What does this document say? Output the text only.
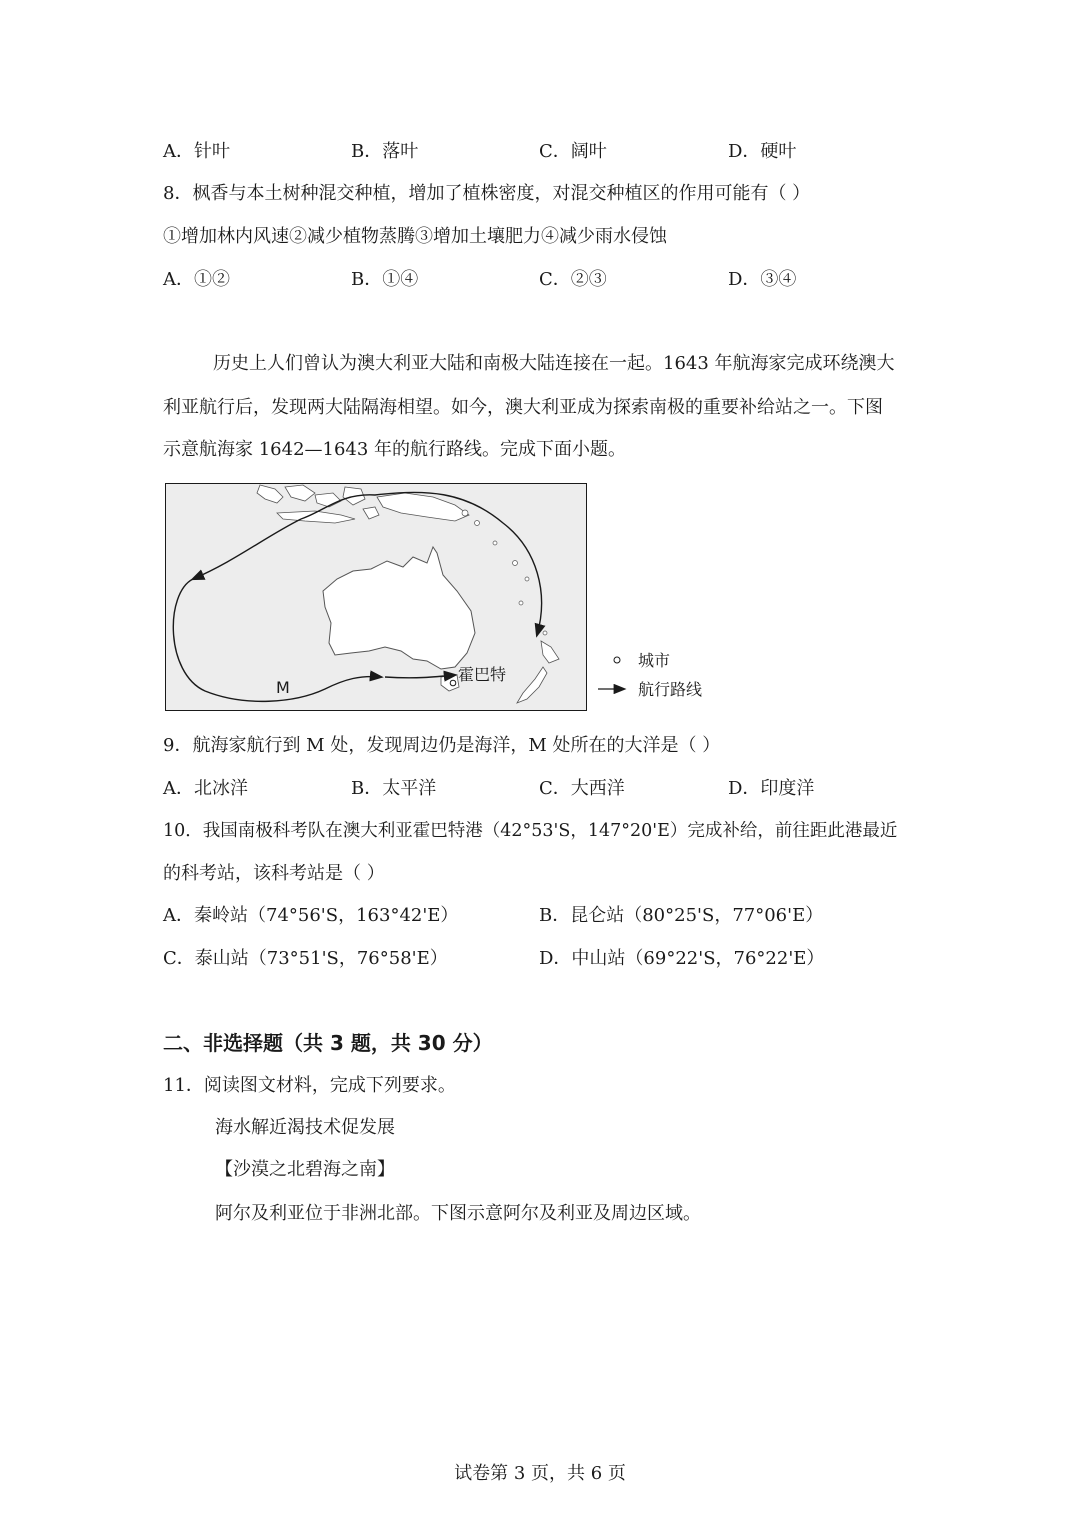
A．针叶	B．落叶	C．阔叶	D．硬叶
8．枫香与本土树种混交种植，增加了植株密度，对混交种植区的作用可能有（ ）
①增加林内风速②减少植物蒸腾③增加土壤肥力④减少雨水侵蚀
A．①②	B．①④	C．②③	D．③④
历史上人们曾认为澳大利亚大陆和南极大陆连接在一起。1643 年航海家完成环绕澳大
利亚航行后，发现两大陆隔海相望。如今，澳大利亚成为探索南极的重要补给站之一。下图
示意航海家 1642—1643 年的航行路线。完成下面小题。
霍巴特
M
城市
航行路线
9．航海家航行到 M 处，发现周边仍是海洋，M 处所在的大洋是（ ）
A．北冰洋	B．太平洋	C．大西洋	D．印度洋
10．我国南极科考队在澳大利亚霍巴特港（42°53'S，147°20'E）完成补给，前往距此港最近
的科考站，该科考站是（ ）
A．秦岭站（74°56'S，163°42'E）	B．昆仑站（80°25'S，77°06'E）
C．泰山站（73°51'S，76°58'E）	D．中山站（69°22'S，76°22'E）
二、非选择题（共 3 题，共 30 分）
11．阅读图文材料，完成下列要求。
海水解近渴技术促发展
【沙漠之北碧海之南】
阿尔及利亚位于非洲北部。下图示意阿尔及利亚及周边区域。
试卷第 3 页，共 6 页
